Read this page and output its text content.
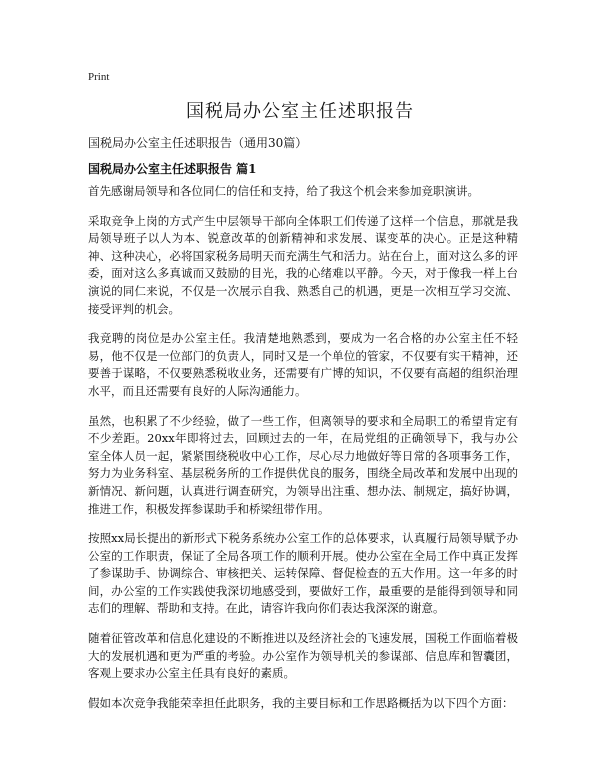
Print
国税局办公室主任述职报告
国税局办公室主任述职报告（通用30篇）
国税局办公室主任述职报告 篇1

首先感谢局领导和各位同仁的信任和支持，给了我这个机会来参加竞职演讲。

采取竞争上岗的方式产生中层领导干部向全体职工们传递了这样一个信息，那就是我局领导班子以人为本、锐意改革的创新精神和求发展、谋变革的决心。正是这种精神、这种决心，必将国家税务局明天而充满生气和活力。站在台上，面对这么多的评委，面对这么多真诚而又鼓励的目光，我的心绪难以平静。今天，对于像我一样上台演说的同仁来说，不仅是一次展示自我、熟悉自己的机遇，更是一次相互学习交流、接受评判的机会。

我竞聘的岗位是办公室主任。我清楚地熟悉到，要成为一名合格的办公室主任不轻易，他不仅是一位部门的负责人，同时又是一个单位的管家，不仅要有实干精神，还要善于谋略，不仅要熟悉税收业务，还需要有广博的知识，不仅要有高超的组织治理水平，而且还需要有良好的人际沟通能力。

虽然，也积累了不少经验，做了一些工作，但离领导的要求和全局职工的希望肯定有不少差距。20xx年即将过去，回顾过去的一年，在局党组的正确领导下，我与办公室全体人员一起，紧紧围绕税收中心工作，尽心尽力地做好等日常的各项事务工作，努力为业务科室、基层税务所的工作提供优良的服务，围绕全局改革和发展中出现的新情况、新问题，认真进行调查研究，为领导出注重、想办法、制规定，搞好协调，推进工作，积极发挥参谋助手和桥梁纽带作用。

按照xx局长提出的新形式下税务系统办公室工作的总体要求，认真履行局领导赋予办公室的工作职责，保证了全局各项工作的顺利开展。使办公室在全局工作中真正发挥了参谋助手、协调综合、审核把关、运转保障、督促检查的五大作用。这一年多的时间，办公室的工作实践使我深切地感受到，要做好工作，最重要的是能得到领导和同志们的理解、帮助和支持。在此，请容许我向你们表达我深深的谢意。

随着征管改革和信息化建设的不断推进以及经济社会的飞速发展，国税工作面临着极大的发展机遇和更为严重的考验。办公室作为领导机关的参谋部、信息库和智囊团，客观上要求办公室主任具有良好的素质。

假如本次竞争我能荣幸担任此职务，我的主要目标和工作思路概括为以下四个方面：
